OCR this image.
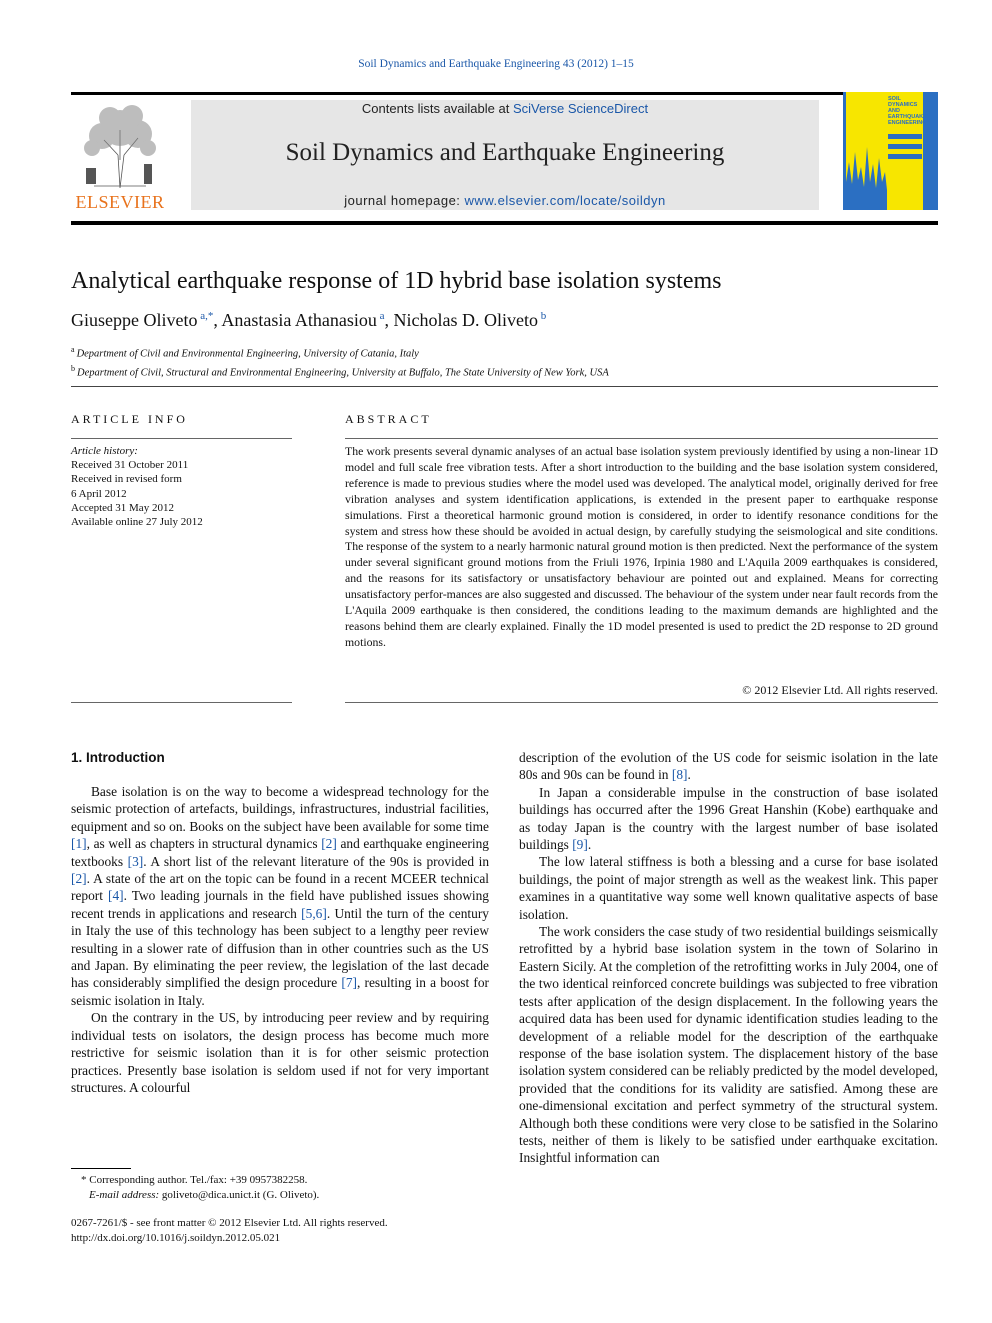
Soil Dynamics and Earthquake Engineering 43 (2012) 1–15
ELSEVIER
Contents lists available at SciVerse ScienceDirect
Soil Dynamics and Earthquake Engineering
journal homepage: www.elsevier.com/locate/soildyn
SOIL
DYNAMICS
AND
EARTHQUAKE
ENGINEERING
Analytical earthquake response of 1D hybrid base isolation systems
Giuseppe Oliveto $^{a,*}$, Anastasia Athanasiou $^a$, Nicholas D. Oliveto $^b$
$^a$ Department of Civil and Environmental Engineering, University of Catania, Italy
$^b$ Department of Civil, Structural and Environmental Engineering, University at Buffalo, The State University of New York, USA
ARTICLE INFO
Article history:
Received 31 October 2011
Received in revised form
6 April 2012
Accepted 31 May 2012
Available online 27 July 2012
ABSTRACT
The work presents several dynamic analyses of an actual base isolation system previously identified by using a non-linear 1D model and full scale free vibration tests. After a short introduction to the building and the base isolation system considered, reference is made to previous studies where the model used was developed. The analytical model, originally derived for free vibration analyses and system identification applications, is extended in the present paper to earthquake response simulations. First a theoretical harmonic ground motion is considered, in order to identify resonance conditions for the system and stress how these should be avoided in actual design, by carefully studying the seismological and site conditions. The response of the system to a nearly harmonic natural ground motion is then predicted. Next the performance of the system under several significant ground motions from the Friuli 1976, Irpinia 1980 and L'Aquila 2009 earthquakes is considered, and the reasons for its satisfactory or unsatisfactory behaviour are pointed out and explained. Means for correcting unsatisfactory perfor-mances are also suggested and discussed. The behaviour of the system under near fault records from the L'Aquila 2009 earthquake is then considered, the conditions leading to the maximum demands are highlighted and the reasons behind them are clearly explained. Finally the 1D model presented is used to predict the 2D response to 2D ground motions.
© 2012 Elsevier Ltd. All rights reserved.
1. Introduction

Base isolation is on the way to become a widespread technology for the seismic protection of artefacts, buildings, infrastructures, industrial facilities, equipment and so on. Books on the subject have been available for some time [1], as well as chapters in structural dynamics [2] and earthquake engineering textbooks [3]. A short list of the relevant literature of the 90s is provided in [2]. A state of the art on the topic can be found in a recent MCEER technical report [4]. Two leading journals in the field have published issues showing recent trends in applications and research [5,6]. Until the turn of the century in Italy the use of this technology has been subject to a lengthy peer review resulting in a slower rate of diffusion than in other countries such as the US and Japan. By eliminating the peer review, the legislation of the last decade has considerably simplified the design procedure [7], resulting in a boost for seismic isolation in Italy.

On the contrary in the US, by introducing peer review and by requiring individual tests on isolators, the design process has become much more restrictive for seismic isolation than it is for other seismic protection practices. Presently base isolation is seldom used if not for very important structures. A colourful

description of the evolution of the US code for seismic isolation in the late 80s and 90s can be found in [8].

In Japan a considerable impulse in the construction of base isolated buildings has occurred after the 1996 Great Hanshin (Kobe) earthquake and as today Japan is the country with the largest number of base isolated buildings [9].

The low lateral stiffness is both a blessing and a curse for base isolated buildings, the point of major strength as well as the weakest link. This paper examines in a quantitative way some well known qualitative aspects of base isolation.

The work considers the case study of two residential buildings seismically retrofitted by a hybrid base isolation system in the town of Solarino in Eastern Sicily. At the completion of the retrofitting works in July 2004, one of the two identical reinforced concrete buildings was subjected to free vibration tests after application of the design displacement. In the following years the acquired data has been used for dynamic identification studies leading to the development of a reliable model for the description of the earthquake response of the base isolation system. The displacement history of the base isolation system considered can be reliably predicted by the model developed, provided that the conditions for its validity are satisfied. Among these are one-dimensional excitation and perfect symmetry of the structural system. Although both these conditions were very close to be satisfied in the Solarino tests, neither of them is likely to be satisfied under earthquake excitation. Insightful information can

* Corresponding author. Tel./fax: +39 0957382258.
E-mail address: goliveto@dica.unict.it (G. Oliveto).
0267-7261/$ - see front matter © 2012 Elsevier Ltd. All rights reserved.
http://dx.doi.org/10.1016/j.soildyn.2012.05.021
